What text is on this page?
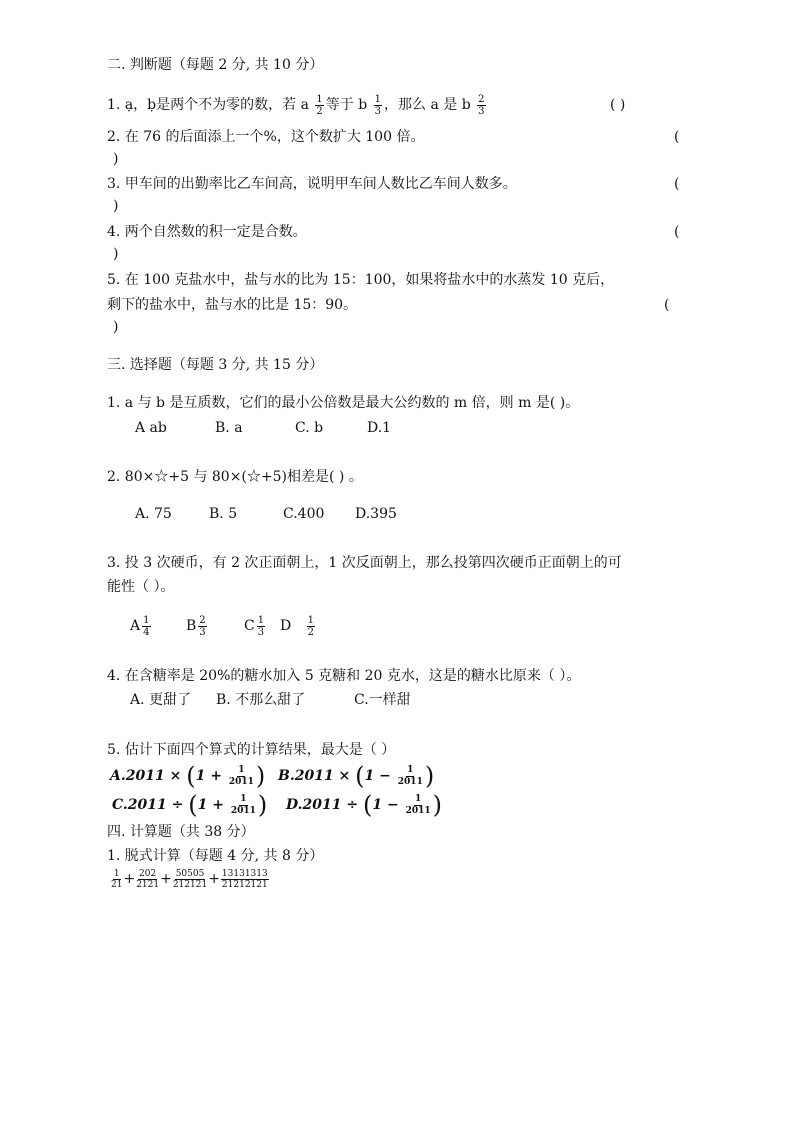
二. 判断题（每题 2 分, 共 10 分）
1. a ·，b ·是两个不为零的数，若 a $\frac{1}{2}$ 等于 b $\frac{1}{3}$ ，那么 a 是 b $\frac{2}{3}$	( )
2. 在 76 的后面添上一个%，这个数扩大 100 倍。	(
)
3. 甲车间的出勤率比乙车间高，说明甲车间人数比乙车间人数多。	(
)
4. 两个自然数的积一定是合数。	(
)
5. 在 100 克盐水中，盐与水的比为 15：100，如果将盐水中的水蒸发 10 克后，
剩下的盐水中，盐与水的比是 15：90。	(
)
三. 选择题（每题 3 分, 共 15 分）
1. a 与 b 是互质数，它们的最小公倍数是最大公约数的 m 倍，则 m 是( )。
A ab	B. a	C. b	D.1
2. 80×☆+5 与 80×(☆+5)相差是( ) 。
A. 75	B. 5	C.400 D.395
3. 投 3 次硬币，有 2 次正面朝上，1 次反面朝上，那么投第四次硬币正面朝上的可
能性（ ）。
A $\frac{1}{4}$	B $\frac{2}{3}$	C $\frac{1}{3}$ D $\frac{1}{2}$
4. 在含糖率是 20%的糖水加入 5 克糖和 20 克水，这是的糖水比原来（ ）。
A. 更甜了 B. 不那么甜了	C.一样甜
5. 估计下面四个算式的计算结果，最大是（ ）
$A.2011 \times (1 + \frac{1}{2011}$ ) $B.2011 \times (1 - \frac{1}{2011}$ )
$C.2011 \div (1 + \frac{1}{2011}$ ) $D.2011 \div (1 - \frac{1}{2011}$ )
四. 计算题（共 38 分）
1. 脱式计算（每题 4 分, 共 8 分）
$\frac{1}{21} + \frac{202}{2121} + \frac{50505}{212121} + \frac{13131313}{21212121}$
